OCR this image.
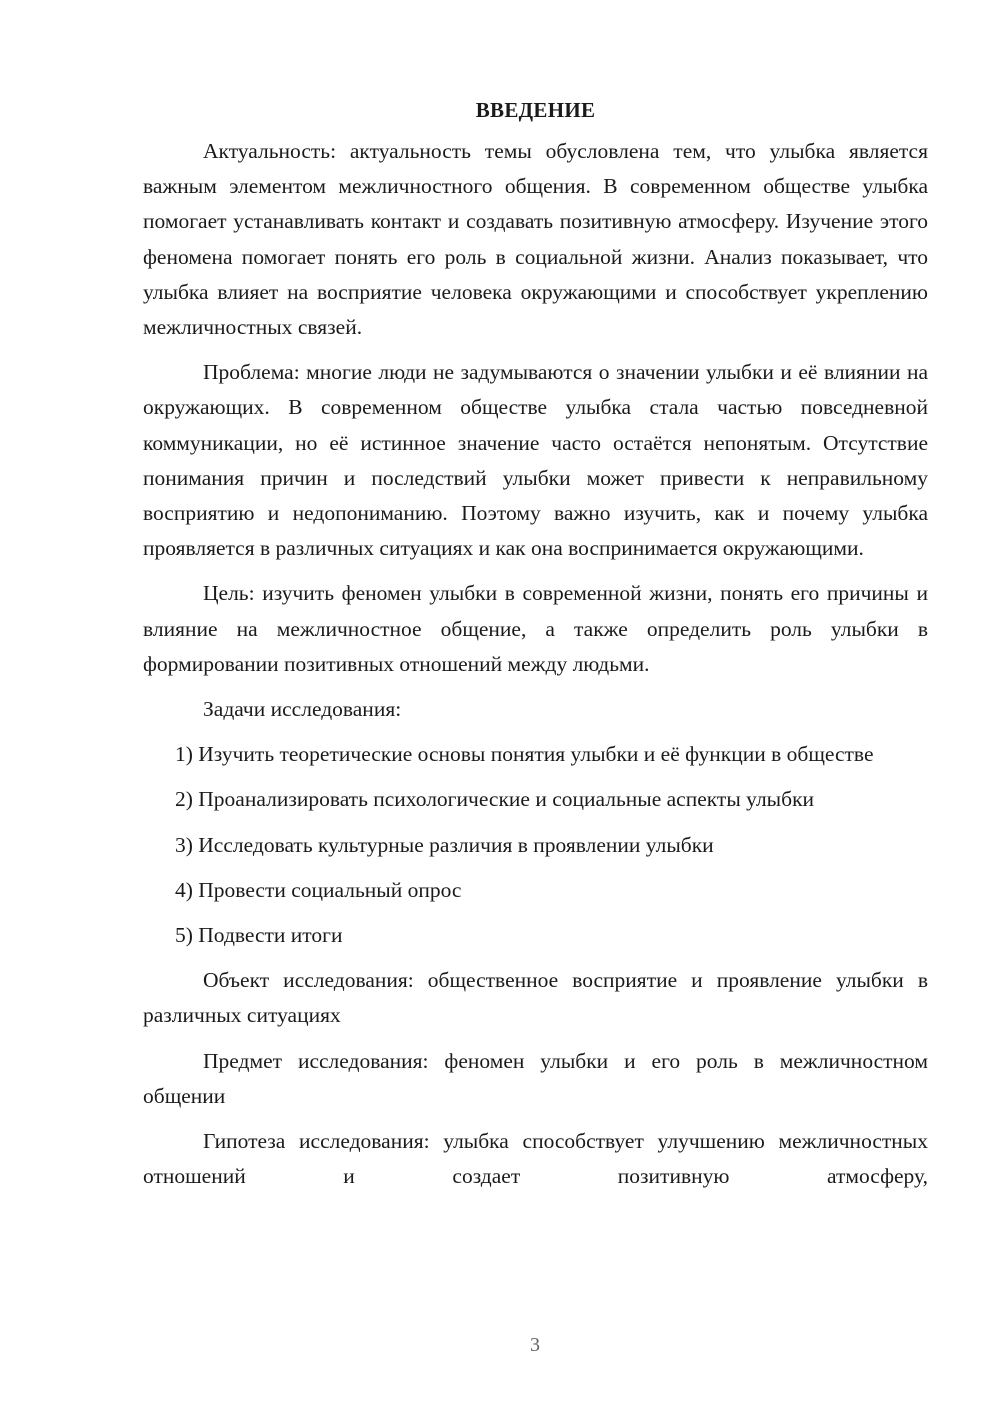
ВВЕДЕНИЕ

Актуальность: актуальность темы обусловлена тем, что улыбка является важным элементом межличностного общения. В современном обществе улыбка помогает устанавливать контакт и создавать позитивную атмосферу. Изучение этого феномена помогает понять его роль в социальной жизни. Анализ показывает, что улыбка влияет на восприятие человека окружающими и способствует укреплению межличностных связей.

Проблема: многие люди не задумываются о значении улыбки и её влиянии на окружающих. В современном обществе улыбка стала частью повседневной коммуникации, но её истинное значение часто остаётся непонятым. Отсутствие понимания причин и последствий улыбки может привести к неправильному восприятию и недопониманию. Поэтому важно изучить, как и почему улыбка проявляется в различных ситуациях и как она воспринимается окружающими.

Цель: изучить феномен улыбки в современной жизни, понять его причины и влияние на межличностное общение, а также определить роль улыбки в формировании позитивных отношений между людьми.

Задачи исследования:

1) Изучить теоретические основы понятия улыбки и её функции в обществе

2) Проанализировать психологические и социальные аспекты улыбки

3) Исследовать культурные различия в проявлении улыбки

4) Провести социальный опрос

5) Подвести итоги

Объект исследования: общественное восприятие и проявление улыбки в различных ситуациях

Предмет исследования: феномен улыбки и его роль в межличностном общении

Гипотеза исследования: улыбка способствует улучшению межличностных отношений и создает позитивную атмосферу,

3
